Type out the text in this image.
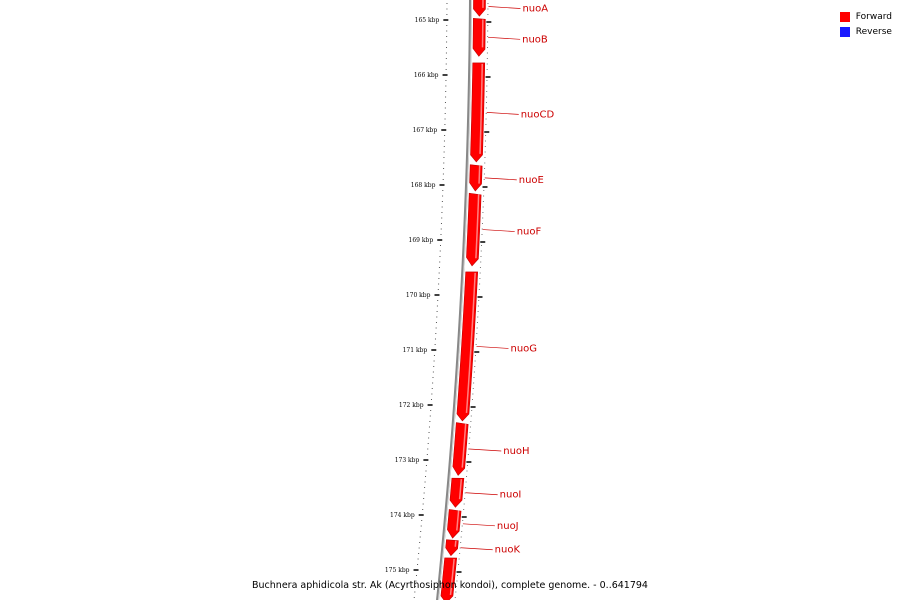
165 kbp
166 kbp
167 kbp
168 kbp
169 kbp
170 kbp
171 kbp
172 kbp
173 kbp
174 kbp
175 kbp
nuoA
nuoB
nuoCD
nuoE
nuoF
nuoG
nuoH
nuoI
nuoJ
nuoK
Buchnera aphidicola str. Ak (Acyrthosiphon kondoi), complete genome. - 0..641794
Forward
Reverse
